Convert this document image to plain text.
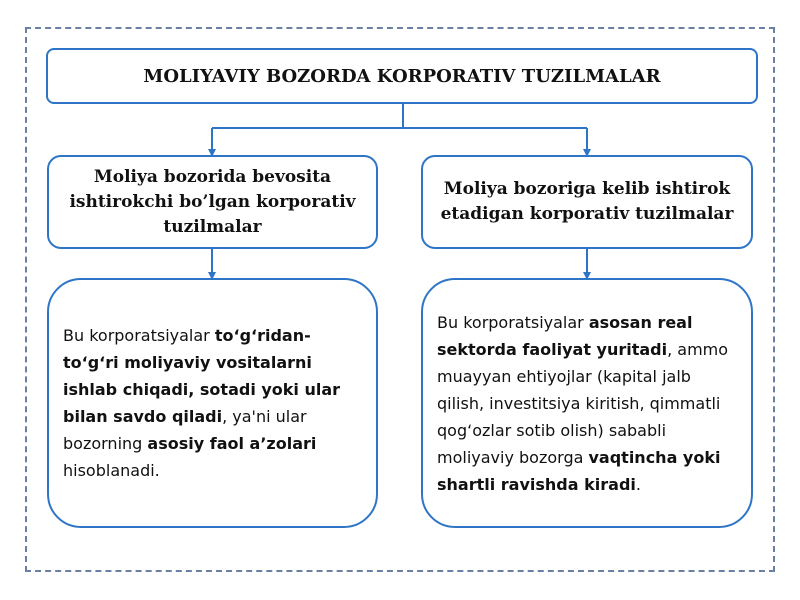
MOLIYAVIY BOZORDA KORPORATIV TUZILMALAR
Moliya bozorida bevosita ishtirokchi bo’lgan korporativ tuzilmalar
Moliya bozoriga kelib ishtirok etadigan korporativ tuzilmalar
Bu korporatsiyalar to‘g‘ridan-to‘g‘ri moliyaviy vositalarni ishlab chiqadi, sotadi yoki ular bilan savdo qiladi, ya'ni ular bozorning asosiy faol a’zolari hisoblanadi.
Bu korporatsiyalar asosan real sektorda faoliyat yuritadi, ammo muayyan ehtiyojlar (kapital jalb qilish, investitsiya kiritish, qimmatli qog‘ozlar sotib olish) sababli moliyaviy bozorga vaqtincha yoki shartli ravishda kiradi.
